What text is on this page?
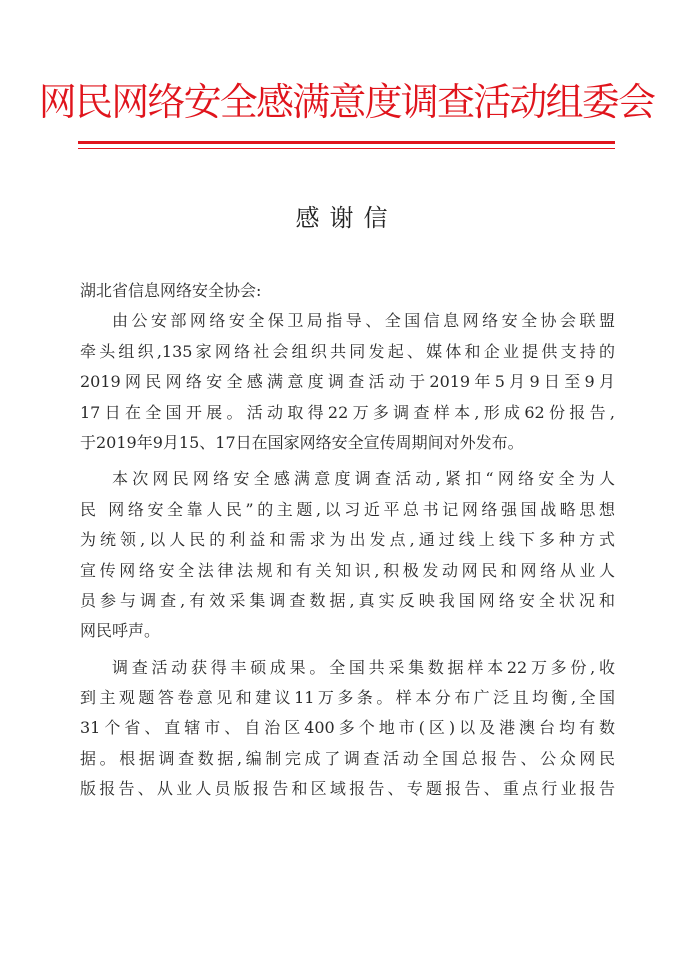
网民网络安全感满意度调查活动组委会
感谢信

湖北省信息网络安全协会:

由公安部网络安全保卫局指导、全国信息网络安全协会联盟
牵头组织,135家网络社会组织共同发起、媒体和企业提供支持的
2019网民网络安全感满意度调查活动于2019年5月9日至9月
17日在全国开展。活动取得22万多调查样本,形成62份报告,
于2019年9月15、17日在国家网络安全宣传周期间对外发布。
本次网民网络安全感满意度调查活动,紧扣“网络安全为人
民 网络安全靠人民”的主题,以习近平总书记网络强国战略思想
为统领,以人民的利益和需求为出发点,通过线上线下多种方式
宣传网络安全法律法规和有关知识,积极发动网民和网络从业人
员参与调查,有效采集调查数据,真实反映我国网络安全状况和
网民呼声。
调查活动获得丰硕成果。全国共采集数据样本22万多份,收
到主观题答卷意见和建议11万多条。样本分布广泛且均衡,全国
31个省、直辖市、自治区400多个地市(区)以及港澳台均有数
据。根据调查数据,编制完成了调查活动全国总报告、公众网民
版报告、从业人员版报告和区域报告、专题报告、重点行业报告
